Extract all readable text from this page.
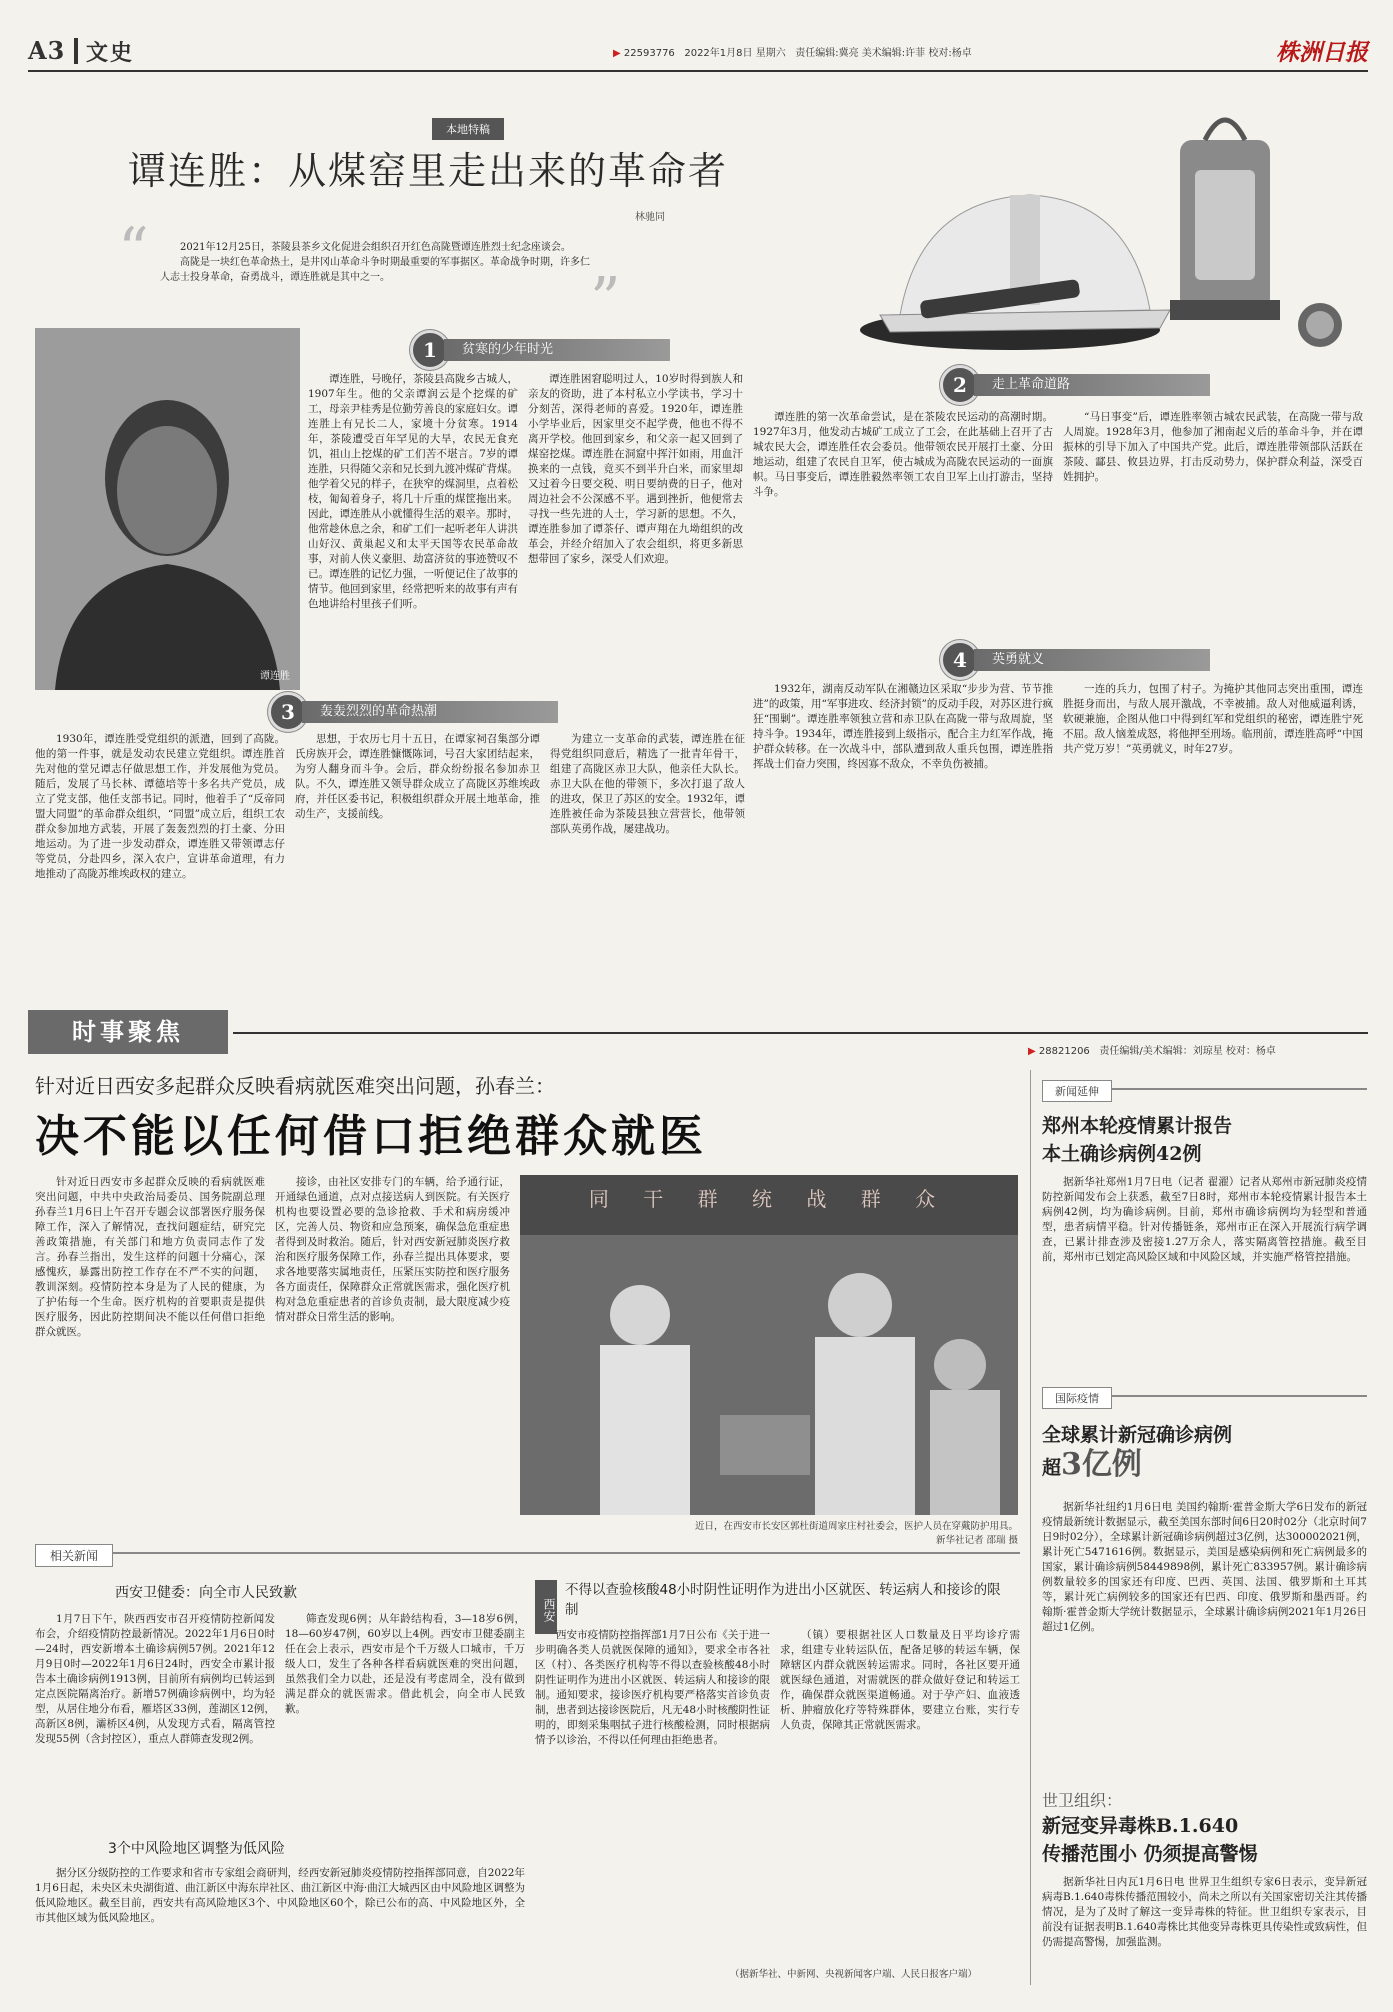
A3 文史	▶ 22593776 2022年1月8日 星期六 责任编辑:冀亮 美术编辑:许菲 校对:杨卓	株洲日报
本地特稿
谭连胜：从煤窑里走出来的革命者
林驰同
“
”

2021年12月25日，茶陵县茶乡文化促进会组织召开红色高陇暨谭连胜烈士纪念座谈会。

高陇是一块红色革命热土，是井冈山革命斗争时期最重要的军事据区。革命战争时期，许多仁人志士投身革命，奋勇战斗，谭连胜就是其中之一。

谭连胜
1	贫寒的少年时光
2	走上革命道路

谭连胜，号晚仔，茶陵县高陇乡古城人，1907年生。他的父亲谭润云是个挖煤的矿工，母亲尹桂秀是位勤劳善良的家庭妇女。谭连胜上有兄长二人，家境十分贫寒。1914年，茶陵遭受百年罕见的大旱，农民无食充饥，祖山上挖煤的矿工们苦不堪言。7岁的谭连胜，只得随父亲和兄长到九渡冲煤矿背煤。他学着父兄的样子，在狭窄的煤洞里，点着松枝，匍匐着身子，将几十斤重的煤筐拖出来。因此，谭连胜从小就懂得生活的艰辛。那时，他常趁休息之余，和矿工们一起听老年人讲洪山好汉、黄巢起义和太平天国等农民革命故事，对前人侠义豪胆、劫富济贫的事迹赞叹不已。谭连胜的记忆力强，一听便记住了故事的情节。他回到家里，经常把听来的故事有声有色地讲给村里孩子们听。

谭连胜困窘聪明过人，10岁时得到族人和亲友的资助，进了本村私立小学读书，学习十分刻苦，深得老师的喜爱。1920年，谭连胜小学毕业后，因家里交不起学费，他也不得不离开学校。他回到家乡，和父亲一起又回到了煤窑挖煤。谭连胜在洞窟中挥汗如雨，用血汗换来的一点钱，竟买不到半升白米，而家里却又过着今日要交税、明日要纳费的日子，他对周边社会不公深感不平。遇到挫折，他便常去寻找一些先进的人士，学习新的思想。不久，谭连胜参加了谭茶仔、谭声翔在九坳组织的改革会，并经介绍加入了农会组织，将更多新思想带回了家乡，深受人们欢迎。

谭连胜的第一次革命尝试，是在茶陵农民运动的高潮时期。1927年3月，他发动古城矿工成立了工会，在此基础上召开了古城农民大会，谭连胜任农会委员。他带领农民开展打土豪、分田地运动，组建了农民自卫军，使古城成为高陇农民运动的一面旗帜。马日事变后，谭连胜毅然率领工农自卫军上山打游击，坚持斗争。

“马日事变”后，谭连胜率领古城农民武装，在高陇一带与敌人周旋。1928年3月，他参加了湘南起义后的革命斗争，并在谭振林的引导下加入了中国共产党。此后，谭连胜带领部队活跃在茶陵、酃县、攸县边界，打击反动势力，保护群众利益，深受百姓拥护。

3	轰轰烈烈的革命热潮
4	英勇就义

1930年，谭连胜受党组织的派遣，回到了高陇。他的第一件事，就是发动农民建立党组织。谭连胜首先对他的堂兄谭志仔做思想工作，并发展他为党员。随后，发展了马长林、谭德培等十多名共产党员，成立了党支部，他任支部书记。同时，他着手了“反帝同盟大同盟”的革命群众组织，“同盟”成立后，组织工农群众参加地方武装，开展了轰轰烈烈的打土豪、分田地运动。为了进一步发动群众，谭连胜又带领谭志仔等党员，分赴四乡，深入农户，宣讲革命道理，有力地推动了高陇苏维埃政权的建立。

思想，于农历七月十五日，在谭家祠召集部分谭氏房族开会，谭连胜慷慨陈词，号召大家团结起来，为穷人翻身而斗争。会后，群众纷纷报名参加赤卫队。不久，谭连胜又领导群众成立了高陇区苏维埃政府，并任区委书记，积极组织群众开展土地革命，推动生产，支援前线。

为建立一支革命的武装，谭连胜在征得党组织同意后，精选了一批青年骨干，组建了高陇区赤卫大队，他亲任大队长。赤卫大队在他的带领下，多次打退了敌人的进攻，保卫了苏区的安全。1932年，谭连胜被任命为茶陵县独立营营长，他带领部队英勇作战，屡建战功。

1932年，湖南反动军队在湘赣边区采取“步步为营、节节推进”的政策，用“军事进攻、经济封锁”的反动手段，对苏区进行疯狂“围剿”。谭连胜率领独立营和赤卫队在高陇一带与敌周旋，坚持斗争。1934年，谭连胜接到上级指示，配合主力红军作战，掩护群众转移。在一次战斗中，部队遭到敌人重兵包围，谭连胜指挥战士们奋力突围，终因寡不敌众，不幸负伤被捕。

一连的兵力，包围了村子。为掩护其他同志突出重围，谭连胜挺身而出，与敌人展开激战，不幸被捕。敌人对他威逼利诱，软硬兼施，企图从他口中得到红军和党组织的秘密，谭连胜宁死不屈。敌人恼羞成怒，将他押至刑场。临刑前，谭连胜高呼“中国共产党万岁！”英勇就义，时年27岁。

时事聚焦
▶ 28821206 责任编辑/美术编辑：刘琼星 校对：杨卓
针对近日西安多起群众反映看病就医难突出问题，孙春兰：
决不能以任何借口拒绝群众就医

针对近日西安市多起群众反映的看病就医难突出问题，中共中央政治局委员、国务院副总理孙春兰1月6日上午召开专题会议部署医疗服务保障工作，深入了解情况，查找问题症结，研究完善政策措施，有关部门和地方负责同志作了发言。孙春兰指出，发生这样的问题十分痛心，深感愧疚，暴露出防控工作存在不严不实的问题，教训深刻。疫情防控本身是为了人民的健康，为了护佑每一个生命。医疗机构的首要职责是提供医疗服务，因此防控期间决不能以任何借口拒绝群众就医。

接诊，由社区安排专门的车辆，给予通行证，开通绿色通道，点对点接送病人到医院。有关医疗机构也要设置必要的急诊抢救、手术和病房缓冲区，完善人员、物资和应急预案，确保急危重症患者得到及时救治。随后，针对西安新冠肺炎医疗救治和医疗服务保障工作，孙春兰提出具体要求，要求各地要落实属地责任，压紧压实防控和医疗服务各方面责任，保障群众正常就医需求，强化医疗机构对急危重症患者的首诊负责制，最大限度减少疫情对群众日常生活的影响。

同 干 群 统 战 群 众
近日，在西安市长安区郭杜街道周家庄村社委会，医护人员在穿戴防护用具。
新华社记者 邵瑞 摄
相关新闻
西安卫健委：向全市人民致歉

1月7日下午，陕西西安市召开疫情防控新闻发布会，介绍疫情防控最新情况。2022年1月6日0时—24时，西安新增本土确诊病例57例。2021年12月9日0时—2022年1月6日24时，西安全市累计报告本土确诊病例1913例，目前所有病例均已转运到定点医院隔离治疗。新增57例确诊病例中，均为轻型，从居住地分布看，雁塔区33例，莲湖区12例，高新区8例，灞桥区4例，从发现方式看，隔离管控发现55例（含封控区），重点人群筛查发现2例。

筛查发现6例；从年龄结构看，3—18岁6例，18—60岁47例，60岁以上4例。西安市卫健委副主任在会上表示，西安市是个千万级人口城市，千万级人口，发生了各种各样看病就医难的突出问题，虽然我们全力以赴，还是没有考虑周全，没有做到满足群众的就医需求。借此机会，向全市人民致歉。

3个中风险地区调整为低风险

据分区分级防控的工作要求和省市专家组会商研判，经西安新冠肺炎疫情防控指挥部同意，自2022年1月6日起，未央区未央湖街道、曲江新区中海东岸社区、曲江新区中海·曲江大城西区由中风险地区调整为低风险地区。截至目前，西安共有高风险地区3个、中风险地区60个，除已公布的高、中风险地区外，全市其他区域为低风险地区。

西安
不得以查验核酸48小时阴性证明作为进出小区就医、转运病人和接诊的限制

西安市疫情防控指挥部1月7日公布《关于进一步明确各类人员就医保障的通知》，要求全市各社区（村）、各类医疗机构等不得以查验核酸48小时阴性证明作为进出小区就医、转运病人和接诊的限制。通知要求，接诊医疗机构要严格落实首诊负责制，患者到达接诊医院后，凡无48小时核酸阴性证明的，即刻采集咽拭子进行核酸检测，同时根据病情予以诊治，不得以任何理由拒绝患者。

（镇）要根据社区人口数量及日平均诊疗需求，组建专业转运队伍，配备足够的转运车辆，保障辖区内群众就医转运需求。同时，各社区要开通就医绿色通道，对需就医的群众做好登记和转运工作，确保群众就医渠道畅通。对于孕产妇、血液透析、肿瘤放化疗等特殊群体，要建立台账，实行专人负责，保障其正常就医需求。

（据新华社、中新网、央视新闻客户端、人民日报客户端）
新闻延伸
郑州本轮疫情累计报告
本土确诊病例42例

据新华社郑州1月7日电（记者 翟濯）记者从郑州市新冠肺炎疫情防控新闻发布会上获悉，截至7日8时，郑州市本轮疫情累计报告本土病例42例，均为确诊病例。目前，郑州市确诊病例均为轻型和普通型，患者病情平稳。针对传播链条，郑州市正在深入开展流行病学调查，已累计排查涉及密接1.27万余人，落实隔离管控措施。截至目前，郑州市已划定高风险区域和中风险区域，并实施严格管控措施。

国际疫情
全球累计新冠确诊病例
超3亿例

据新华社纽约1月6日电 美国约翰斯·霍普金斯大学6日发布的新冠疫情最新统计数据显示，截至美国东部时间6日20时02分（北京时间7日9时02分），全球累计新冠确诊病例超过3亿例，达300002021例，累计死亡5471616例。数据显示，美国是感染病例和死亡病例最多的国家，累计确诊病例58449898例，累计死亡833957例。累计确诊病例数量较多的国家还有印度、巴西、英国、法国、俄罗斯和土耳其等，累计死亡病例较多的国家还有巴西、印度、俄罗斯和墨西哥。约翰斯·霍普金斯大学统计数据显示，全球累计确诊病例2021年1月26日超过1亿例。

世卫组织：
新冠变异毒株B.1.640
传播范围小 仍须提高警惕

据新华社日内瓦1月6日电 世界卫生组织专家6日表示，变异新冠病毒B.1.640毒株传播范围较小，尚未之所以有关国家密切关注其传播情况，是为了及时了解这一变异毒株的特征。世卫组织专家表示，目前没有证据表明B.1.640毒株比其他变异毒株更具传染性或致病性，但仍需提高警惕，加强监测。
